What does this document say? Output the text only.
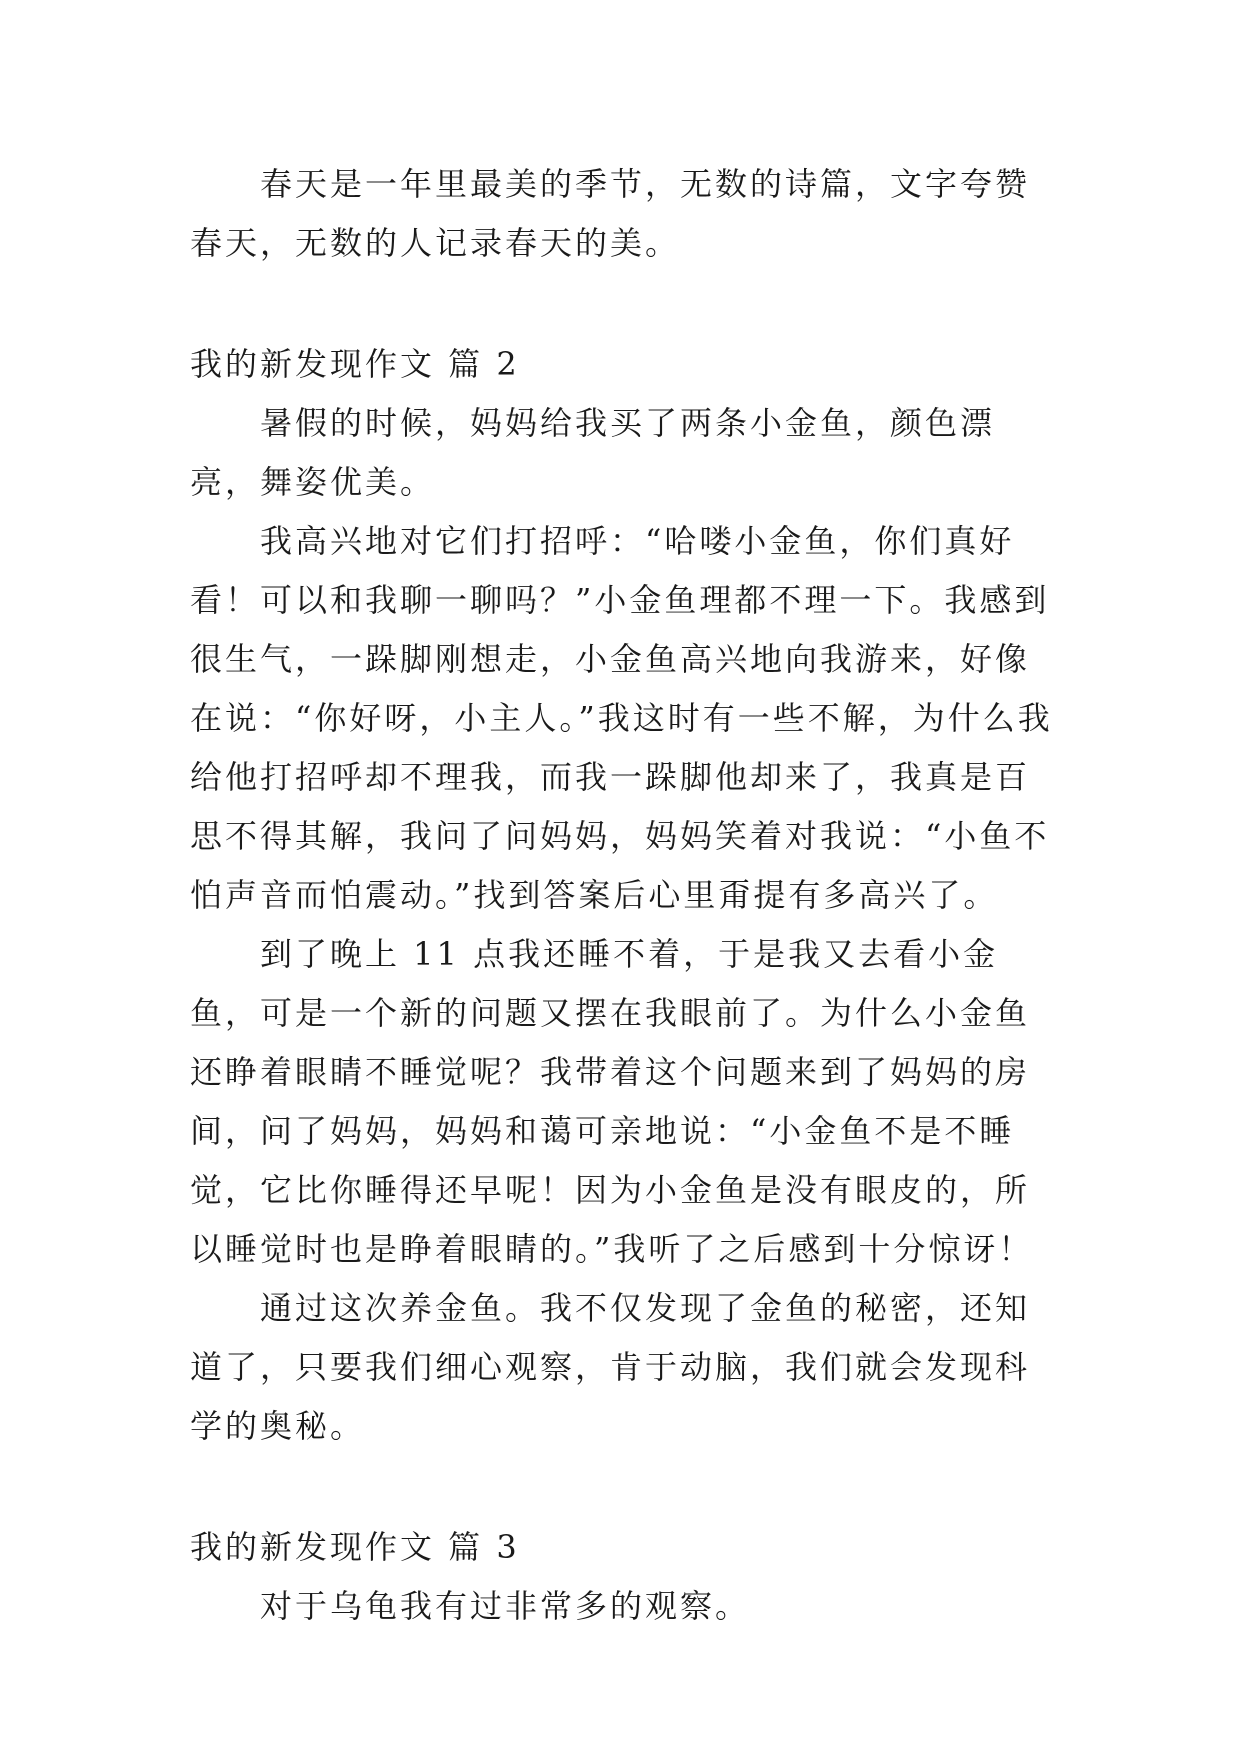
春天是一年里最美的季节，无数的诗篇，文字夸赞春天，无数的人记录春天的美。

我的新发现作文 篇 2

暑假的时候，妈妈给我买了两条小金鱼，颜色漂亮，舞姿优美。

我高兴地对它们打招呼：“哈喽小金鱼，你们真好看！可以和我聊一聊吗？”小金鱼理都不理一下。我感到很生气，一跺脚刚想走，小金鱼高兴地向我游来，好像在说：“你好呀，小主人。”我这时有一些不解，为什么我给他打招呼却不理我，而我一跺脚他却来了，我真是百思不得其解，我问了问妈妈，妈妈笑着对我说：“小鱼不怕声音而怕震动。”找到答案后心里甭提有多高兴了。

到了晚上 11 点我还睡不着，于是我又去看小金鱼，可是一个新的问题又摆在我眼前了。为什么小金鱼还睁着眼睛不睡觉呢？我带着这个问题来到了妈妈的房间，问了妈妈，妈妈和蔼可亲地说：“小金鱼不是不睡觉，它比你睡得还早呢！因为小金鱼是没有眼皮的，所以睡觉时也是睁着眼睛的。”我听了之后感到十分惊讶！

通过这次养金鱼。我不仅发现了金鱼的秘密，还知道了，只要我们细心观察，肯于动脑，我们就会发现科学的奥秘。

我的新发现作文 篇 3

对于乌龟我有过非常多的观察。
